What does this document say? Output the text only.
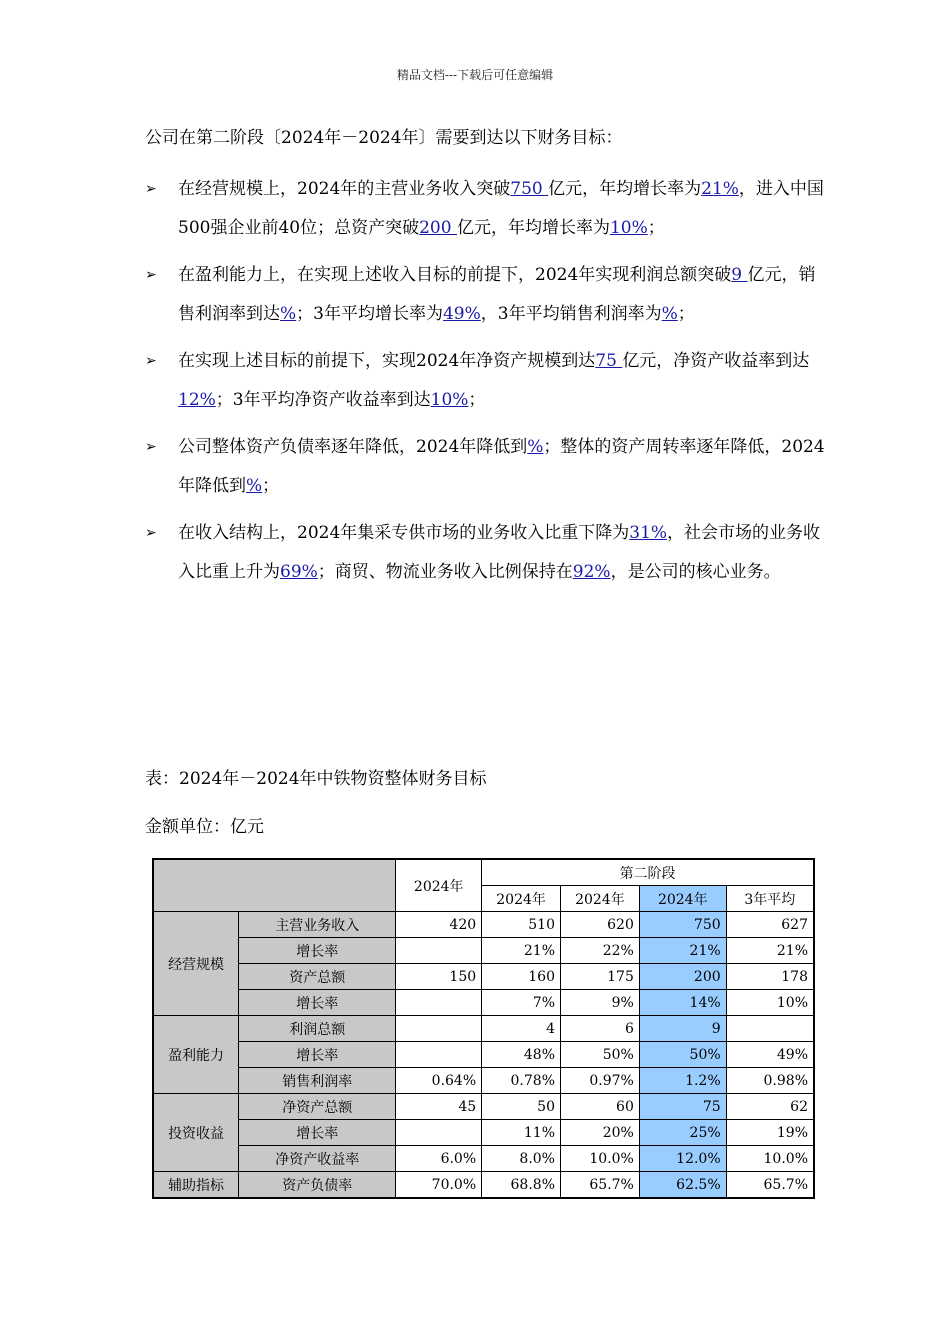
精品文档---下载后可任意编辑
公司在第二阶段〔2024年－2024年〕需要到达以下财务目标：
➢ 在经营规模上，2024年的主营业务收入突破750 亿元，年均增长率为21%，进入中国500强企业前40位；总资产突破200 亿元，年均增长率为10%；
➢ 在盈利能力上，在实现上述收入目标的前提下，2024年实现利润总额突破9 亿元，销售利润率到达%；3年平均增长率为49%，3年平均销售利润率为%；
➢ 在实现上述目标的前提下，实现2024年净资产规模到达75 亿元，净资产收益率到达12%；3年平均净资产收益率到达10%；
➢ 公司整体资产负债率逐年降低，2024年降低到%；整体的资产周转率逐年降低，2024年降低到%；
➢ 在收入结构上，2024年集采专供市场的业务收入比重下降为31%，社会市场的业务收入比重上升为69%；商贸、物流业务收入比例保持在92%，是公司的核心业务。
表：2024年－2024年中铁物资整体财务目标
金额单位：亿元
		2024年	第二阶段			
			2024年	2024年	2024年	3年平均
经营规模	主营业务收入	420	510	620	750	627
	增长率		21%	22%	21%	21%
	资产总额	150	160	175	200	178
	增长率		7%	9%	14%	10%
盈利能力	利润总额		4	6	9	
	增长率		48%	50%	50%	49%
	销售利润率	0.64%	0.78%	0.97%	1.2%	0.98%
投资收益	净资产总额	45	50	60	75	62
	增长率		11%	20%	25%	19%
	净资产收益率	6.0%	8.0%	10.0%	12.0%	10.0%
辅助指标	资产负债率	70.0%	68.8%	65.7%	62.5%	65.7%
